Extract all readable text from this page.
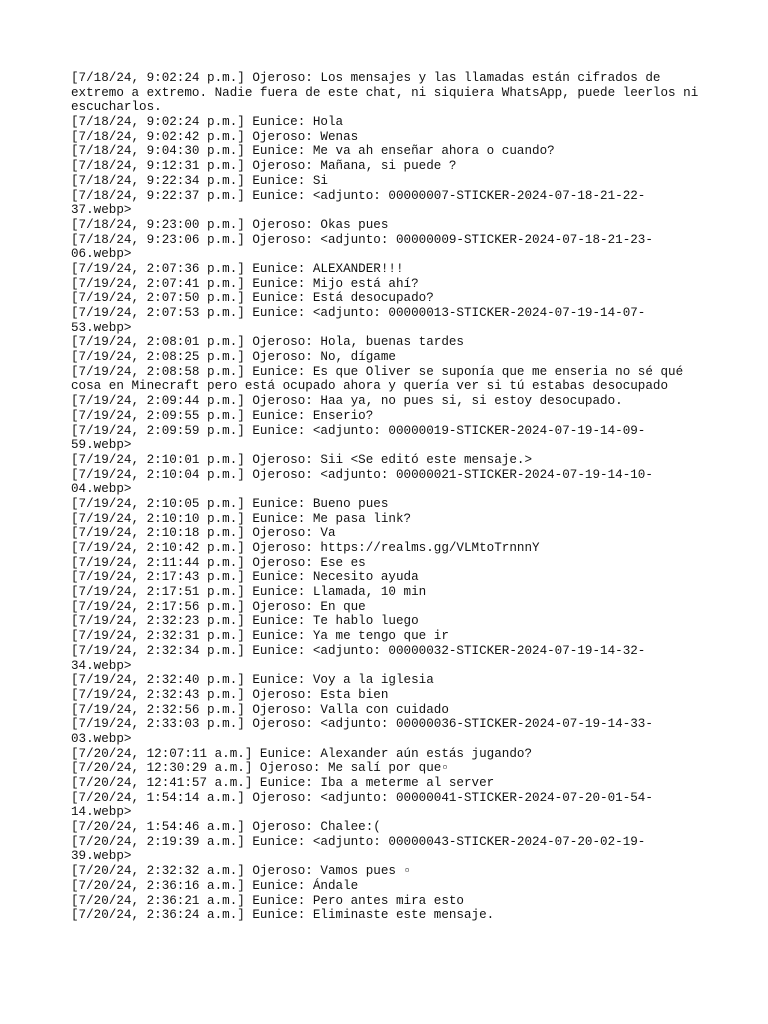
[7/18/24, 9:02:24 p.m.] Ojeroso: Los mensajes y las llamadas están cifrados de
extremo a extremo. Nadie fuera de este chat, ni siquiera WhatsApp, puede leerlos ni
escucharlos.
[7/18/24, 9:02:24 p.m.] Eunice: Hola
[7/18/24, 9:02:42 p.m.] Ojeroso: Wenas
[7/18/24, 9:04:30 p.m.] Eunice: Me va ah enseñar ahora o cuando?
[7/18/24, 9:12:31 p.m.] Ojeroso: Mañana, si puede ?
[7/18/24, 9:22:34 p.m.] Eunice: Si
[7/18/24, 9:22:37 p.m.] Eunice: <adjunto: 00000007-STICKER-2024-07-18-21-22-
37.webp>
[7/18/24, 9:23:00 p.m.] Ojeroso: Okas pues
[7/18/24, 9:23:06 p.m.] Ojeroso: <adjunto: 00000009-STICKER-2024-07-18-21-23-
06.webp>
[7/19/24, 2:07:36 p.m.] Eunice: ALEXANDER!!!
[7/19/24, 2:07:41 p.m.] Eunice: Mijo está ahí?
[7/19/24, 2:07:50 p.m.] Eunice: Está desocupado?
[7/19/24, 2:07:53 p.m.] Eunice: <adjunto: 00000013-STICKER-2024-07-19-14-07-
53.webp>
[7/19/24, 2:08:01 p.m.] Ojeroso: Hola, buenas tardes
[7/19/24, 2:08:25 p.m.] Ojeroso: No, dígame
[7/19/24, 2:08:58 p.m.] Eunice: Es que Oliver se suponía que me enseria no sé qué
cosa en Minecraft pero está ocupado ahora y quería ver si tú estabas desocupado
[7/19/24, 2:09:44 p.m.] Ojeroso: Haa ya, no pues si, si estoy desocupado.
[7/19/24, 2:09:55 p.m.] Eunice: Enserio?
[7/19/24, 2:09:59 p.m.] Eunice: <adjunto: 00000019-STICKER-2024-07-19-14-09-
59.webp>
[7/19/24, 2:10:01 p.m.] Ojeroso: Sii <Se editó este mensaje.>
[7/19/24, 2:10:04 p.m.] Ojeroso: <adjunto: 00000021-STICKER-2024-07-19-14-10-
04.webp>
[7/19/24, 2:10:05 p.m.] Eunice: Bueno pues
[7/19/24, 2:10:10 p.m.] Eunice: Me pasa link?
[7/19/24, 2:10:18 p.m.] Ojeroso: Va
[7/19/24, 2:10:42 p.m.] Ojeroso: https://realms.gg/VLMtoTrnnnY
[7/19/24, 2:11:44 p.m.] Ojeroso: Ese es
[7/19/24, 2:17:43 p.m.] Eunice: Necesito ayuda
[7/19/24, 2:17:51 p.m.] Eunice: Llamada, 10 min
[7/19/24, 2:17:56 p.m.] Ojeroso: En que
[7/19/24, 2:32:23 p.m.] Eunice: Te hablo luego
[7/19/24, 2:32:31 p.m.] Eunice: Ya me tengo que ir
[7/19/24, 2:32:34 p.m.] Eunice: <adjunto: 00000032-STICKER-2024-07-19-14-32-
34.webp>
[7/19/24, 2:32:40 p.m.] Eunice: Voy a la iglesia
[7/19/24, 2:32:43 p.m.] Ojeroso: Esta bien
[7/19/24, 2:32:56 p.m.] Ojeroso: Valla con cuidado
[7/19/24, 2:33:03 p.m.] Ojeroso: <adjunto: 00000036-STICKER-2024-07-19-14-33-
03.webp>
[7/20/24, 12:07:11 a.m.] Eunice: Alexander aún estás jugando?
[7/20/24, 12:30:29 a.m.] Ojeroso: Me salí por que▫
[7/20/24, 12:41:57 a.m.] Eunice: Iba a meterme al server
[7/20/24, 1:54:14 a.m.] Ojeroso: <adjunto: 00000041-STICKER-2024-07-20-01-54-
14.webp>
[7/20/24, 1:54:46 a.m.] Ojeroso: Chalee:(
[7/20/24, 2:19:39 a.m.] Eunice: <adjunto: 00000043-STICKER-2024-07-20-02-19-
39.webp>
[7/20/24, 2:32:32 a.m.] Ojeroso: Vamos pues ▫
[7/20/24, 2:36:16 a.m.] Eunice: Ándale
[7/20/24, 2:36:21 a.m.] Eunice: Pero antes mira esto
[7/20/24, 2:36:24 a.m.] Eunice: Eliminaste este mensaje.
